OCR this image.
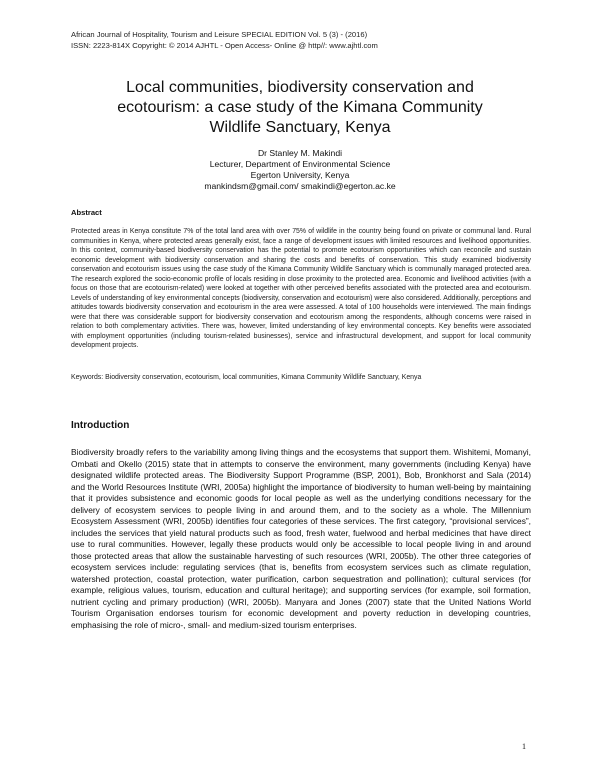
African Journal of Hospitality, Tourism and Leisure SPECIAL EDITION Vol. 5 (3) - (2016)
ISSN: 2223-814X Copyright: © 2014 AJHTL - Open Access- Online @ http//: www.ajhtl.com
Local communities, biodiversity conservation and
ecotourism: a case study of the Kimana Community
Wildlife Sanctuary, Kenya
Dr Stanley M. Makindi
Lecturer, Department of Environmental Science
Egerton University, Kenya
mankindsm@gmail.com/ smakindi@egerton.ac.ke
Abstract

Protected areas in Kenya constitute 7% of the total land area with over 75% of wildlife in the country being found on private or communal land. Rural communities in Kenya, where protected areas generally exist, face a range of development issues with limited resources and livelihood opportunities. In this context, community-based biodiversity conservation has the potential to promote ecotourism opportunities which can reconcile and sustain economic development with biodiversity conservation and sharing the costs and benefits of conservation. This study examined biodiversity conservation and ecotourism issues using the case study of the Kimana Community Wildlife Sanctuary which is communally managed protected area. The research explored the socio-economic profile of locals residing in close proximity to the protected area. Economic and livelihood activities (with a focus on those that are ecotourism-related) were looked at together with other perceived benefits associated with the protected area and ecotourism. Levels of understanding of key environmental concepts (biodiversity, conservation and ecotourism) were also considered. Additionally, perceptions and attitudes towards biodiversity conservation and ecotourism in the area were assessed. A total of 100 households were interviewed. The main findings were that there was considerable support for biodiversity conservation and ecotourism among the respondents, although concerns were raised in relation to both complementary activities. There was, however, limited understanding of key environmental concepts. Key benefits were associated with employment opportunities (including tourism-related businesses), service and infrastructural development, and support for local community development projects.

Keywords: Biodiversity conservation, ecotourism, local communities, Kimana Community Wildlife Sanctuary, Kenya

Introduction

Biodiversity broadly refers to the variability among living things and the ecosystems that support them. Wishitemi, Momanyi, Ombati and Okello (2015) state that in attempts to conserve the environment, many governments (including Kenya) have designated wildlife protected areas. The Biodiversity Support Programme (BSP, 2001), Bob, Bronkhorst and Sala (2014) and the World Resources Institute (WRI, 2005a) highlight the importance of biodiversity to human well-being by maintaining that it provides subsistence and economic goods for local people as well as the underlying conditions necessary for the delivery of ecosystem services to people living in and around them, and to the society as a whole. The Millennium Ecosystem Assessment (WRI, 2005b) identifies four categories of these services. The first category, “provisional services”, includes the services that yield natural products such as food, fresh water, fuelwood and herbal medicines that have direct use to rural communities. However, legally these products would only be accessible to local people living in and around those protected areas that allow the sustainable harvesting of such resources (WRI, 2005b). The other three categories of ecosystem services include: regulating services (that is, benefits from ecosystem services such as climate regulation, watershed protection, coastal protection, water purification, carbon sequestration and pollination); cultural services (for example, religious values, tourism, education and cultural heritage); and supporting services (for example, soil formation, nutrient cycling and primary production) (WRI, 2005b). Manyara and Jones (2007) state that the United Nations World Tourism Organisation endorses tourism for economic development and poverty reduction in developing countries, emphasising the role of micro-, small- and medium-sized tourism enterprises.

1
